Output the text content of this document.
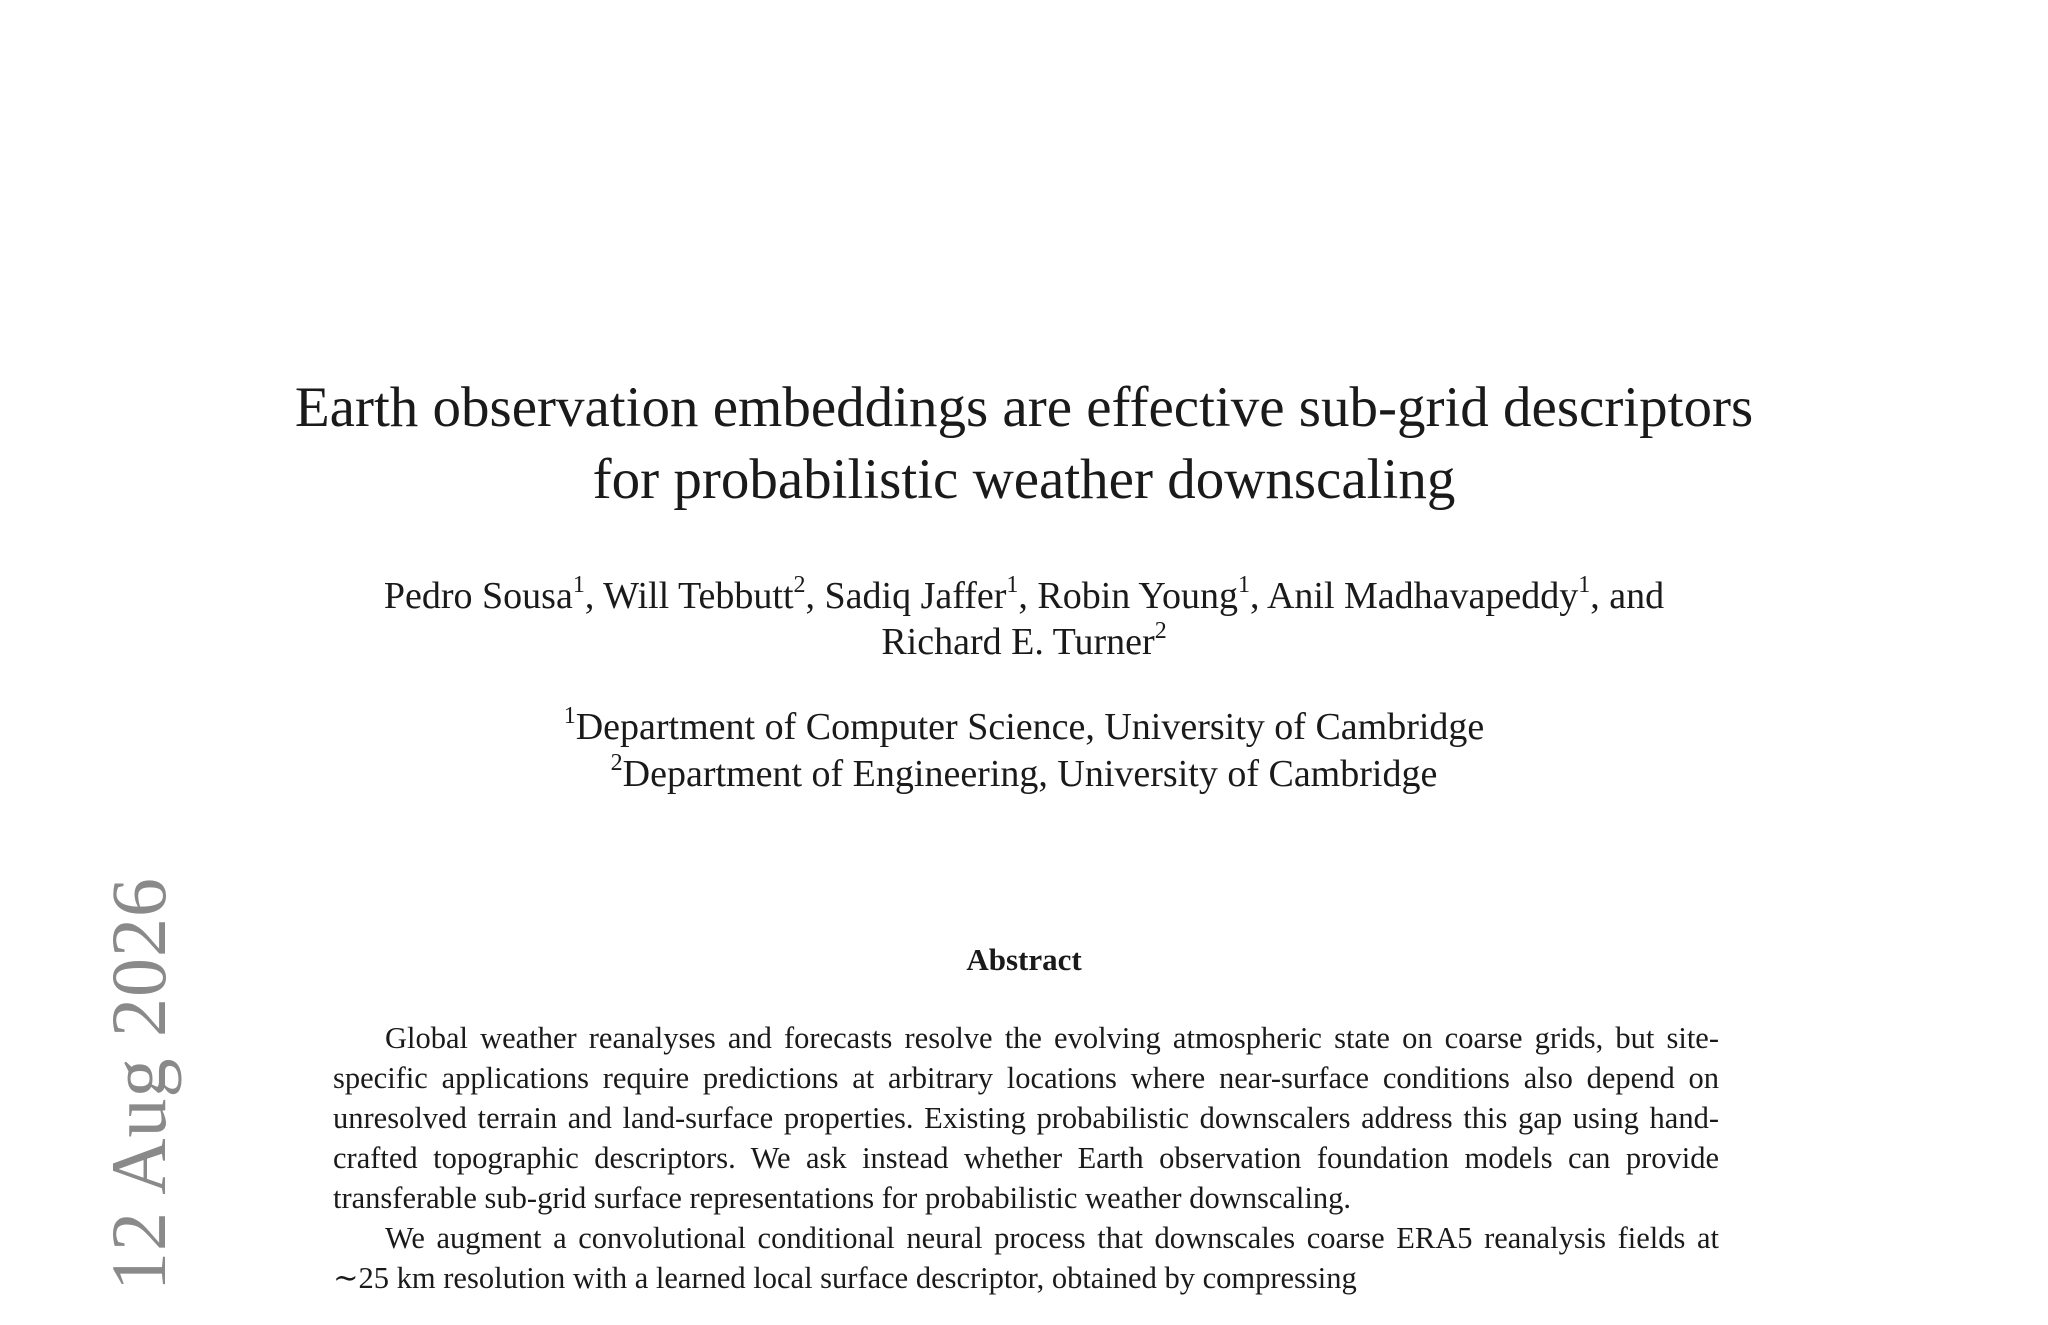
12 Aug 2026
Earth observation embeddings are effective sub-grid descriptors
for probabilistic weather downscaling
Pedro Sousa$^1$, Will Tebbutt$^2$, Sadiq Jaffer$^1$, Robin Young$^1$, Anil Madhavapeddy$^1$, and
Richard E. Turner$^2$
$^1$Department of Computer Science, University of Cambridge
$^2$Department of Engineering, University of Cambridge
Abstract

Global weather reanalyses and forecasts resolve the evolving atmospheric state on coarse grids, but site-specific applications require predictions at arbitrary locations where near-surface conditions also depend on unresolved terrain and land-surface properties. Existing probabilistic downscalers address this gap using hand-crafted topographic descriptors. We ask instead whether Earth observation foundation models can provide transferable sub-grid surface representations for probabilistic weather downscaling.

We augment a convolutional conditional neural process that downscales coarse ERA5 reanalysis fields at ∼25 km resolution with a learned local surface descriptor, obtained by compressing
